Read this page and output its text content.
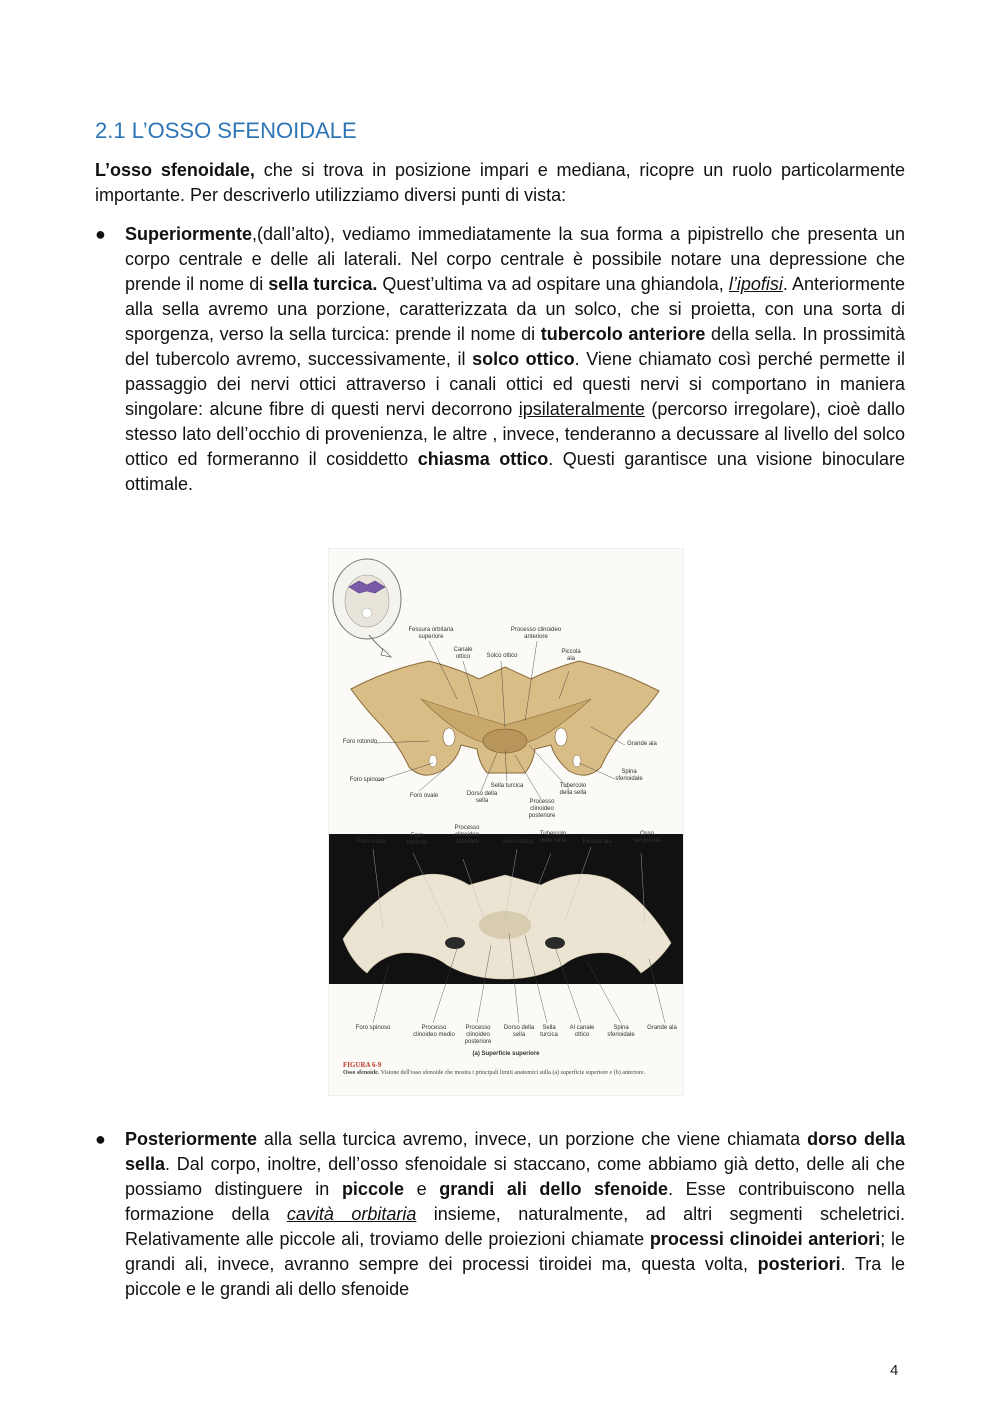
2.1 L’OSSO SFENOIDALE

L’osso sfenoidale, che si trova in posizione impari e mediana, ricopre un ruolo particolarmente importante. Per descriverlo utilizziamo diversi punti di vista:

●	Superiormente,(dall’alto), vediamo immediatamente la sua forma a pipistrello che presenta un corpo centrale e delle ali laterali. Nel corpo centrale è possibile notare una depressione che prende il nome di sella turcica. Quest’ultima va ad ospitare una ghiandola, l’ipofisi. Anteriormente alla sella avremo una porzione, caratterizzata da un solco, che si proietta, con una sorta di sporgenza, verso la sella turcica: prende il nome di tubercolo anteriore della sella. In prossimità del tubercolo avremo, successivamente, il solco ottico. Viene chiamato così perché permette il passaggio dei nervi ottici attraverso i canali ottici ed questi nervi si comportano in maniera singolare: alcune fibre di questi nervi decorrono ipsilateralmente (percorso irregolare), cioè dallo stesso lato dell’occhio di provenienza, le altre , invece, tenderanno a decussare al livello del solco ottico ed formeranno il cosiddetto chiasma ottico. Questi garantisce una visione binoculare ottimale.
Fessura orbitaria superiore
Processo clinoideo anteriore
Canale ottico	Solco ottico
Piccola ala
Foro rotondo	Grande ala
Foro spinoso
Spina sfenoidale
Sella turcica	Tubercolo della sella
Foro ovale	Dorso della sella	Processo clinoideo posteriore
Foro ovale
Foro rotondo
Processo clinoideo anteriore	Solco ottico
Tubercolo della sella	Piccola ala
Osso temporale
Foro spinoso	Processo clinoideo medio
Processo clinoideo posteriore
Dorso della sella
Sella turcica
Al canale ottico
Spina sfenoidale
Grande ala
(a) Superficie superiore
FIGURA 6-9
Osso sfenoide. Visione dell'osso sfenoide che mostra i principali limiti anatomici sulla (a) superficie superiore e (b) anteriore.
●	Posteriormente alla sella turcica avremo, invece, un porzione che viene chiamata dorso della sella. Dal corpo, inoltre, dell’osso sfenoidale si staccano, come abbiamo già detto, delle ali che possiamo distinguere in piccole e grandi ali dello sfenoide. Esse contribuiscono nella formazione della cavità orbitaria insieme, naturalmente, ad altri segmenti scheletrici. Relativamente alle piccole ali, troviamo delle proiezioni chiamate processi clinoidei anteriori; le grandi ali, invece, avranno sempre dei processi tiroidei ma, questa volta, posteriori. Tra le piccole e le grandi ali dello sfenoide
4
